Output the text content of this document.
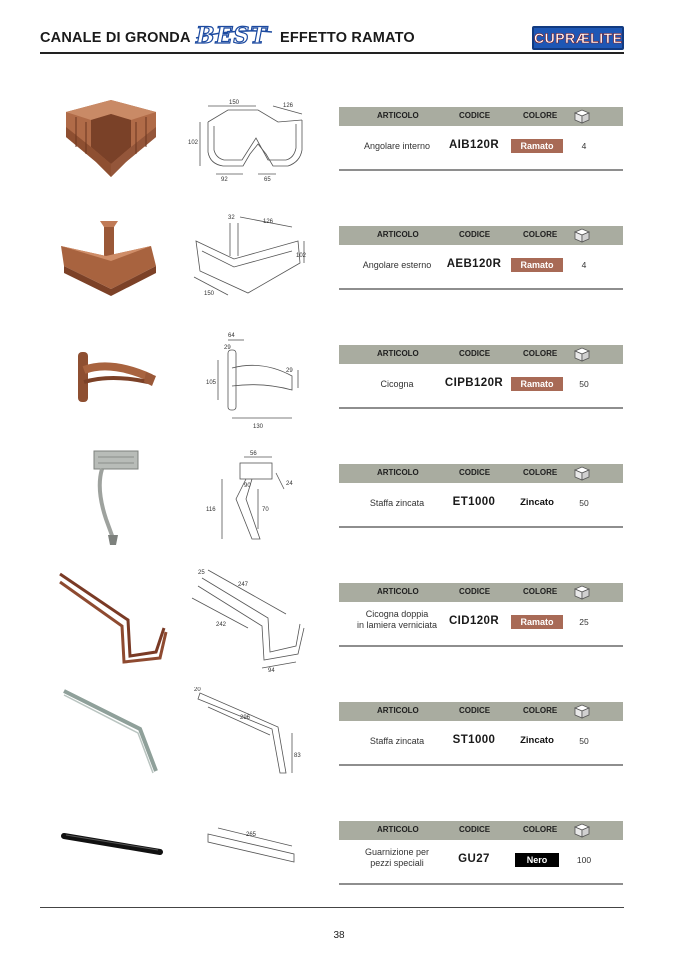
CANALE DI GRONDA BEST EFFETTO RAMATO	CUPRÆLITE
150	126
102
92	65
ARTICOLO	CODICE	COLORE
Angolare interno	AIB120R	Ramato	4
32
126
102
150
ARTICOLO	CODICE	COLORE
Angolare esterno	AEB120R	Ramato	4
64
29
105
29
130
ARTICOLO	CODICE	COLORE
Cicogna	CIPB120R	Ramato	50
56
90	24
116	70
ARTICOLO	CODICE	COLORE
Staffa zincata	ET1000	Zincato	50
25
247
242
94
ARTICOLO	CODICE	COLORE
Cicogna doppia
in lamiera verniciata	CID120R	Ramato	25
20
296
83
ARTICOLO	CODICE	COLORE
Staffa zincata	ST1000	Zincato	50
265
ARTICOLO	CODICE	COLORE
Guarnizione per
pezzi speciali	GU27	Nero	100
38
